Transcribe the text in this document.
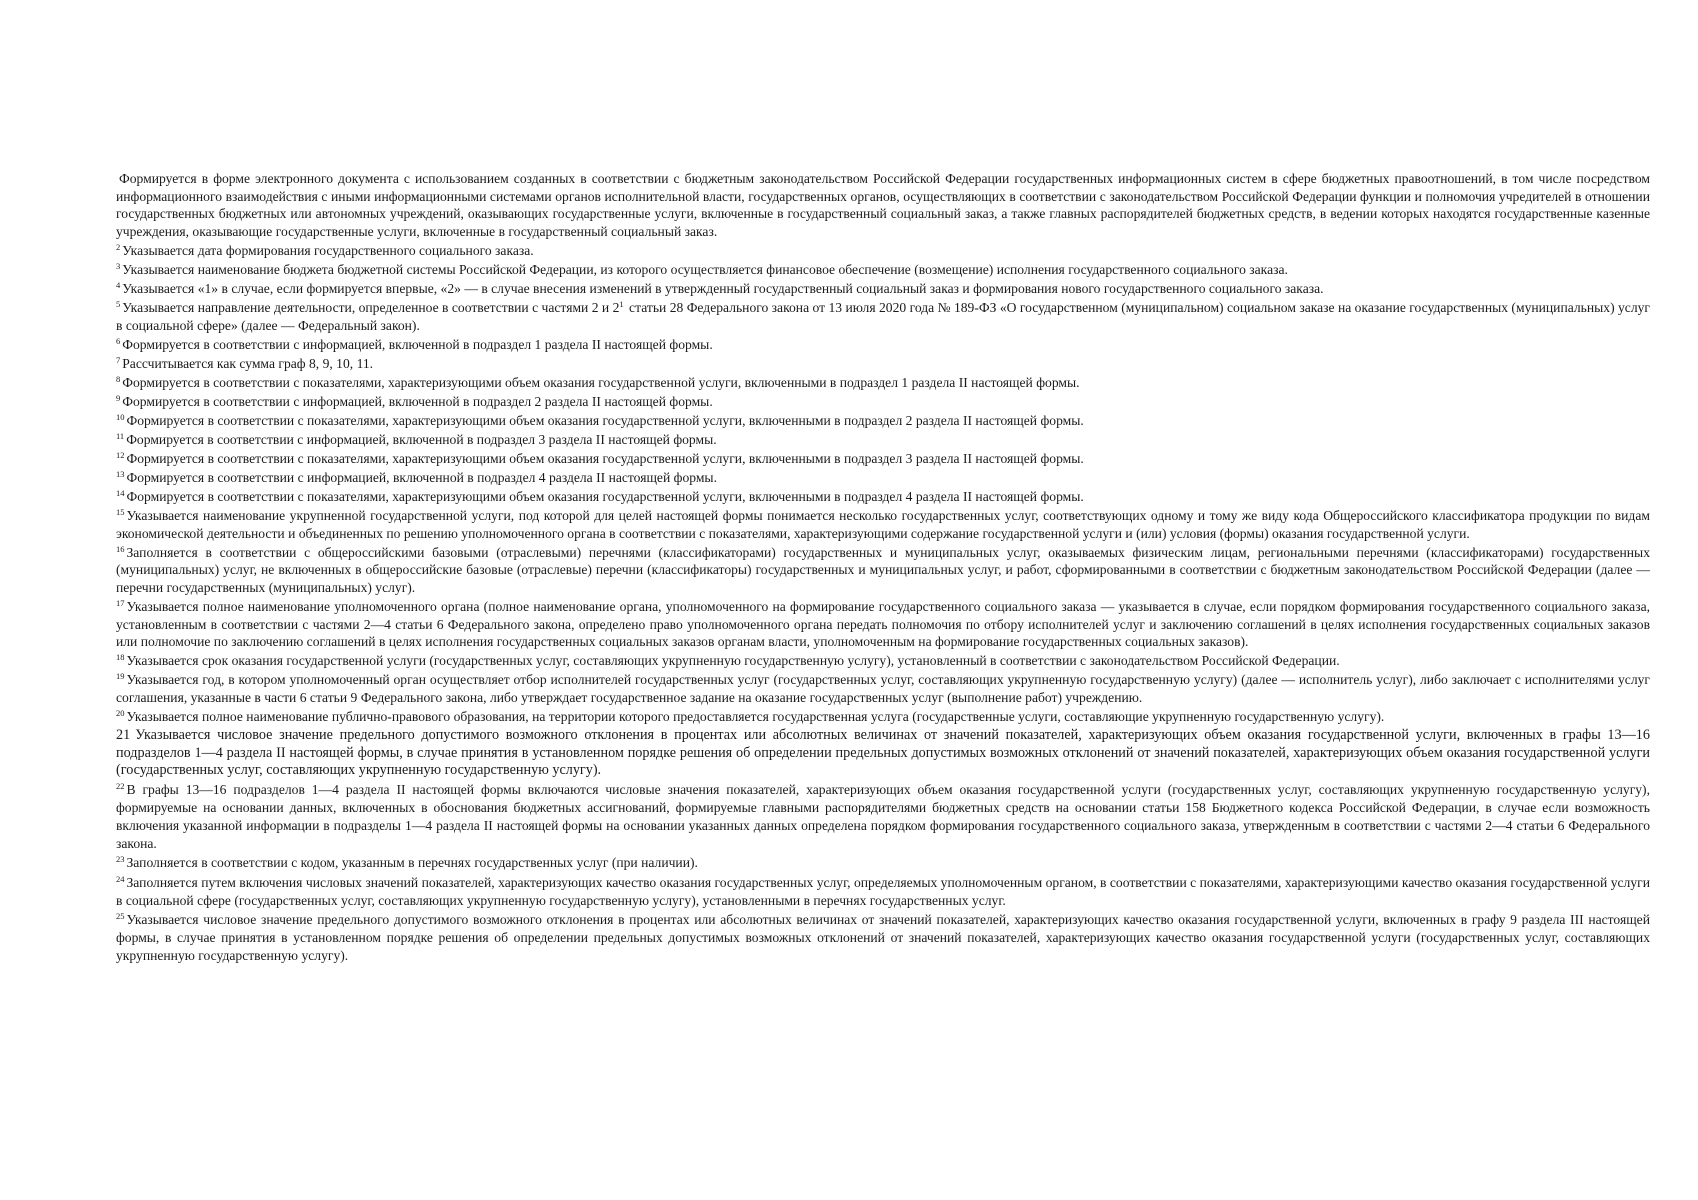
Формируется в форме электронного документа с использованием созданных в соответствии с бюджетным законодательством Российской Федерации государственных информационных систем в сфере бюджетных правоотношений, в том числе посредством информационного взаимодействия с иными информационными системами органов исполнительной власти, государственных органов, осуществляющих в соответствии с законодательством Российской Федерации функции и полномочия учредителей в отношении государственных бюджетных или автономных учреждений, оказывающих государственные услуги, включенные в государственный социальный заказ, а также главных распорядителей бюджетных средств, в ведении которых находятся государственные казенные учреждения, оказывающие государственные услуги, включенные в государственный социальный заказ.

$^2$ Указывается дата формирования государственного социального заказа.

$^3$ Указывается наименование бюджета бюджетной системы Российской Федерации, из которого осуществляется финансовое обеспечение (возмещение) исполнения государственного социального заказа.

$^4$ Указывается «1» в случае, если формируется впервые, «2» — в случае внесения изменений в утвержденный государственный социальный заказ и формирования нового государственного социального заказа.

$^5$ Указывается направление деятельности, определенное в соответствии с частями 2 и $2^1$ статьи 28 Федерального закона от 13 июля 2020 года № 189-ФЗ «О государственном (муниципальном) социальном заказе на оказание государственных (муниципальных) услуг в социальной сфере» (далее — Федеральный закон).

$^6$ Формируется в соответствии с информацией, включенной в подраздел 1 раздела II настоящей формы.

$^7$ Рассчитывается как сумма граф 8, 9, 10, 11.

$^8$ Формируется в соответствии с показателями, характеризующими объем оказания государственной услуги, включенными в подраздел 1 раздела II настоящей формы.

$^9$ Формируется в соответствии с информацией, включенной в подраздел 2 раздела II настоящей формы.

$^{10}$ Формируется в соответствии с показателями, характеризующими объем оказания государственной услуги, включенными в подраздел 2 раздела II настоящей формы.

$^{11}$ Формируется в соответствии с информацией, включенной в подраздел 3 раздела II настоящей формы.

$^{12}$ Формируется в соответствии с показателями, характеризующими объем оказания государственной услуги, включенными в подраздел 3 раздела II настоящей формы.

$^{13}$ Формируется в соответствии с информацией, включенной в подраздел 4 раздела II настоящей формы.

$^{14}$ Формируется в соответствии с показателями, характеризующими объем оказания государственной услуги, включенными в подраздел 4 раздела II настоящей формы.

$^{15}$ Указывается наименование укрупненной государственной услуги, под которой для целей настоящей формы понимается несколько государственных услуг, соответствующих одному и тому же виду кода Общероссийского классификатора продукции по видам экономической деятельности и объединенных по решению уполномоченного органа в соответствии с показателями, характеризующими содержание государственной услуги и (или) условия (формы) оказания государственной услуги.

$^{16}$ Заполняется в соответствии с общероссийскими базовыми (отраслевыми) перечнями (классификаторами) государственных и муниципальных услуг, оказываемых физическим лицам, региональными перечнями (классификаторами) государственных (муниципальных) услуг, не включенных в общероссийские базовые (отраслевые) перечни (классификаторы) государственных и муниципальных услуг, и работ, сформированными в соответствии с бюджетным законодательством Российской Федерации (далее — перечни государственных (муниципальных) услуг).

$^{17}$ Указывается полное наименование уполномоченного органа (полное наименование органа, уполномоченного на формирование государственного социального заказа — указывается в случае, если порядком формирования государственного социального заказа, установленным в соответствии с частями 2—4 статьи 6 Федерального закона, определено право уполномоченного органа передать полномочия по отбору исполнителей услуг и заключению соглашений в целях исполнения государственных социальных заказов или полномочие по заключению соглашений в целях исполнения государственных социальных заказов органам власти, уполномоченным на формирование государственных социальных заказов).

$^{18}$ Указывается срок оказания государственной услуги (государственных услуг, составляющих укрупненную государственную услугу), установленный в соответствии с законодательством Российской Федерации.

$^{19}$ Указывается год, в котором уполномоченный орган осуществляет отбор исполнителей государственных услуг (государственных услуг, составляющих укрупненную государственную услугу) (далее — исполнитель услуг), либо заключает с исполнителями услуг соглашения, указанные в части 6 статьи 9 Федерального закона, либо утверждает государственное задание на оказание государственных услуг (выполнение работ) учреждению.

$^{20}$ Указывается полное наименование публично-правового образования, на территории которого предоставляется государственная услуга (государственные услуги, составляющие укрупненную государственную услугу).

21 Указывается числовое значение предельного допустимого возможного отклонения в процентах или абсолютных величинах от значений показателей, характеризующих объем оказания государственной услуги, включенных в графы 13—16 подразделов 1—4 раздела II настоящей формы, в случае принятия в установленном порядке решения об определении предельных допустимых возможных отклонений от значений показателей, характеризующих объем оказания государственной услуги (государственных услуг, составляющих укрупненную государственную услугу).

$^{22}$ В графы 13—16 подразделов 1—4 раздела II настоящей формы включаются числовые значения показателей, характеризующих объем оказания государственной услуги (государственных услуг, составляющих укрупненную государственную услугу), формируемые на основании данных, включенных в обоснования бюджетных ассигнований, формируемые главными распорядителями бюджетных средств на основании статьи 158 Бюджетного кодекса Российской Федерации, в случае если возможность включения указанной информации в подразделы 1—4 раздела II настоящей формы на основании указанных данных определена порядком формирования государственного социального заказа, утвержденным в соответствии с частями 2—4 статьи 6 Федерального закона.

$^{23}$ Заполняется в соответствии с кодом, указанным в перечнях государственных услуг (при наличии).

$^{24}$ Заполняется путем включения числовых значений показателей, характеризующих качество оказания государственных услуг, определяемых уполномоченным органом, в соответствии с показателями, характеризующими качество оказания государственной услуги в социальной сфере (государственных услуг, составляющих укрупненную государственную услугу), установленными в перечнях государственных услуг.

$^{25}$ Указывается числовое значение предельного допустимого возможного отклонения в процентах или абсолютных величинах от значений показателей, характеризующих качество оказания государственной услуги, включенных в графу 9 раздела III настоящей формы, в случае принятия в установленном порядке решения об определении предельных допустимых возможных отклонений от значений показателей, характеризующих качество оказания государственной услуги (государственных услуг, составляющих укрупненную государственную услугу).
